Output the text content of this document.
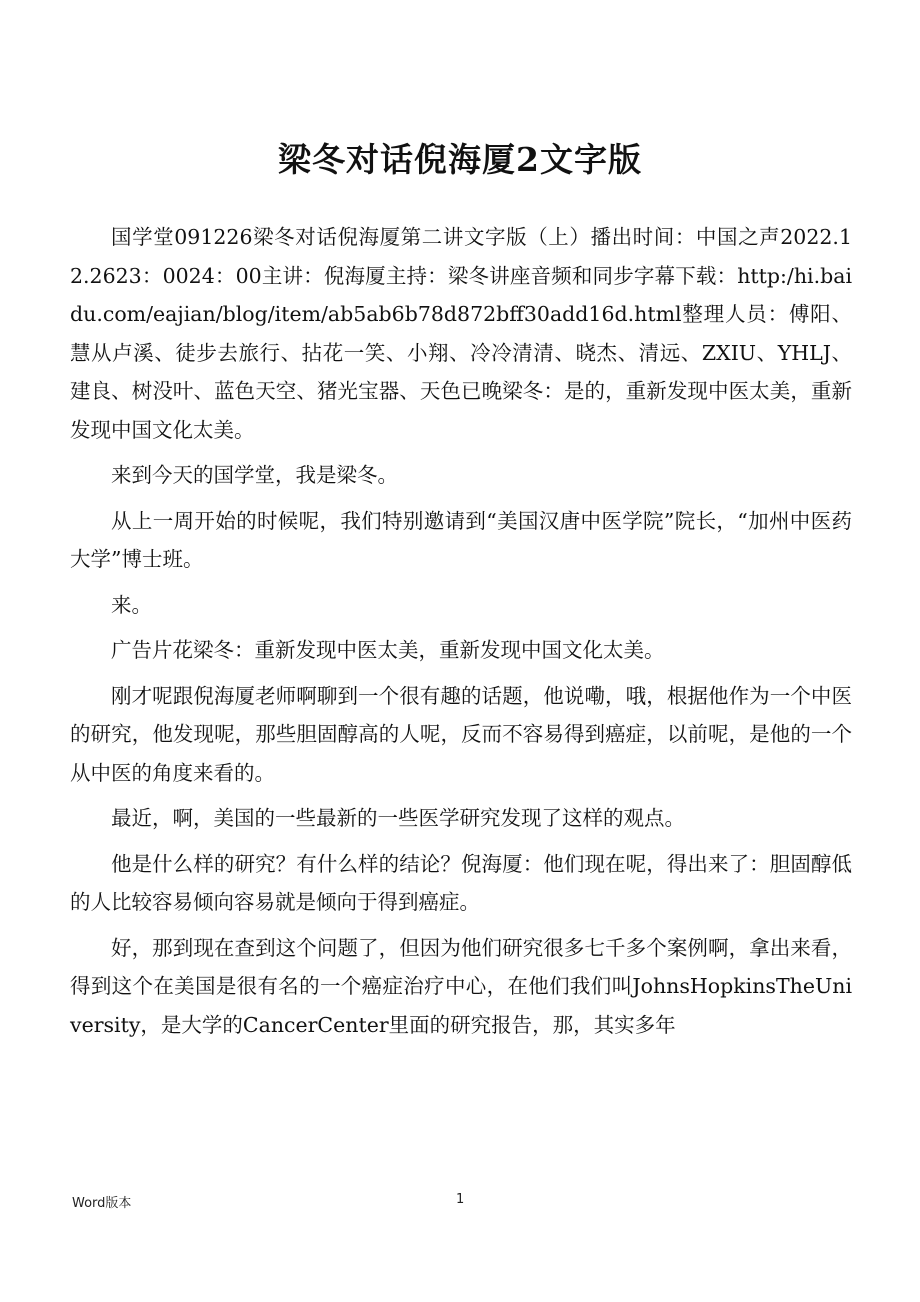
梁冬对话倪海厦2文字版

国学堂091226梁冬对话倪海厦第二讲文字版（上）播出时间：中国之声2022.12.2623：0024：00主讲：倪海厦主持：梁冬讲座音频和同步字幕下载：http:/hi.baidu.com/eajian/blog/item/ab5ab6b78d872bff30add16d.html整理人员：傅阳、慧从卢溪、徒步去旅行、拈花一笑、小翔、冷冷清清、晓杰、清远、ZXIU、YHLJ、建良、树没叶、蓝色天空、猪光宝器、天色已晚梁冬：是的，重新发现中医太美，重新发现中国文化太美。

来到今天的国学堂，我是梁冬。

从上一周开始的时候呢，我们特别邀请到“美国汉唐中医学院”院长，“加州中医药大学”博士班。

来。

广告片花梁冬：重新发现中医太美，重新发现中国文化太美。

刚才呢跟倪海厦老师啊聊到一个很有趣的话题，他说嘞，哦，根据他作为一个中医的研究，他发现呢，那些胆固醇高的人呢，反而不容易得到癌症，以前呢，是他的一个从中医的角度来看的。

最近，啊，美国的一些最新的一些医学研究发现了这样的观点。

他是什么样的研究？有什么样的结论？倪海厦：他们现在呢，得出来了：胆固醇低的人比较容易倾向容易就是倾向于得到癌症。

好，那到现在查到这个问题了，但因为他们研究很多七千多个案例啊，拿出来看，得到这个在美国是很有名的一个癌症治疗中心，在他们我们叫JohnsHopkinsTheUniversity，是大学的CancerCenter里面的研究报告，那，其实多年

Word版本	1
